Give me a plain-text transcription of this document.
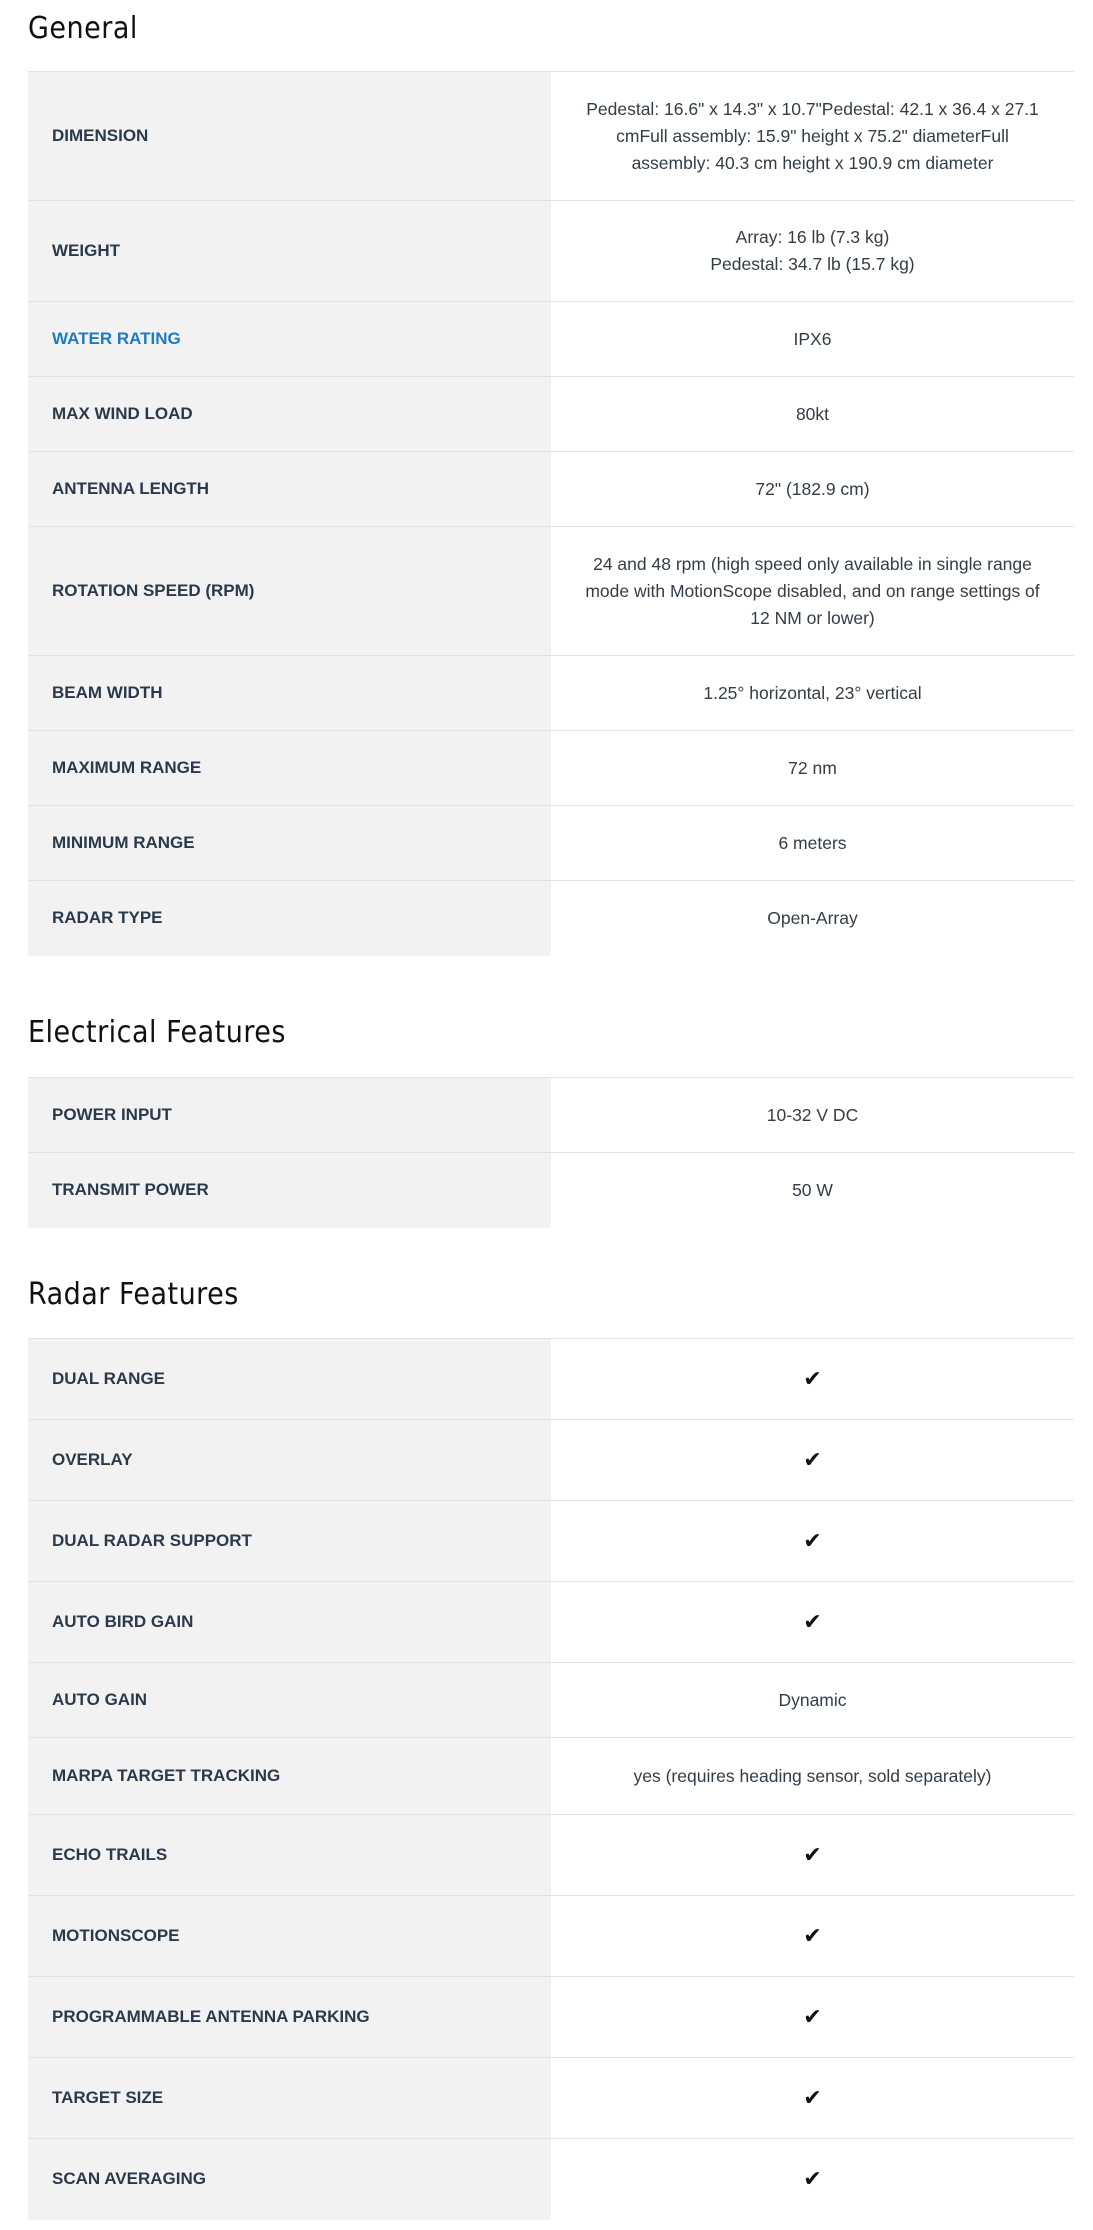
General
DIMENSION	Pedestal: 16.6" x 14.3" x 10.7"Pedestal: 42.1 x 36.4 x 27.1 cmFull assembly: 15.9" height x 75.2" diameterFull assembly: 40.3 cm height x 190.9 cm diameter
WEIGHT	Array: 16 lb (7.3 kg)
Pedestal: 34.7 lb (15.7 kg)

WATER RATING	IPX6
MAX WIND LOAD	80kt
ANTENNA LENGTH	72" (182.9 cm)
ROTATION SPEED (RPM)	24 and 48 rpm (high speed only available in single range mode with MotionScope disabled, and on range settings of 12 NM or lower)
BEAM WIDTH	1.25° horizontal, 23° vertical
MAXIMUM RANGE	72 nm
MINIMUM RANGE	6 meters
RADAR TYPE	Open-Array
Electrical Features
POWER INPUT	10-32 V DC
TRANSMIT POWER	50 W
Radar Features
DUAL RANGE	✔
OVERLAY	✔
DUAL RADAR SUPPORT	✔
AUTO BIRD GAIN	✔
AUTO GAIN	Dynamic
MARPA TARGET TRACKING	yes (requires heading sensor, sold separately)
ECHO TRAILS	✔
MOTIONSCOPE	✔
PROGRAMMABLE ANTENNA PARKING	✔
TARGET SIZE	✔
SCAN AVERAGING	✔
